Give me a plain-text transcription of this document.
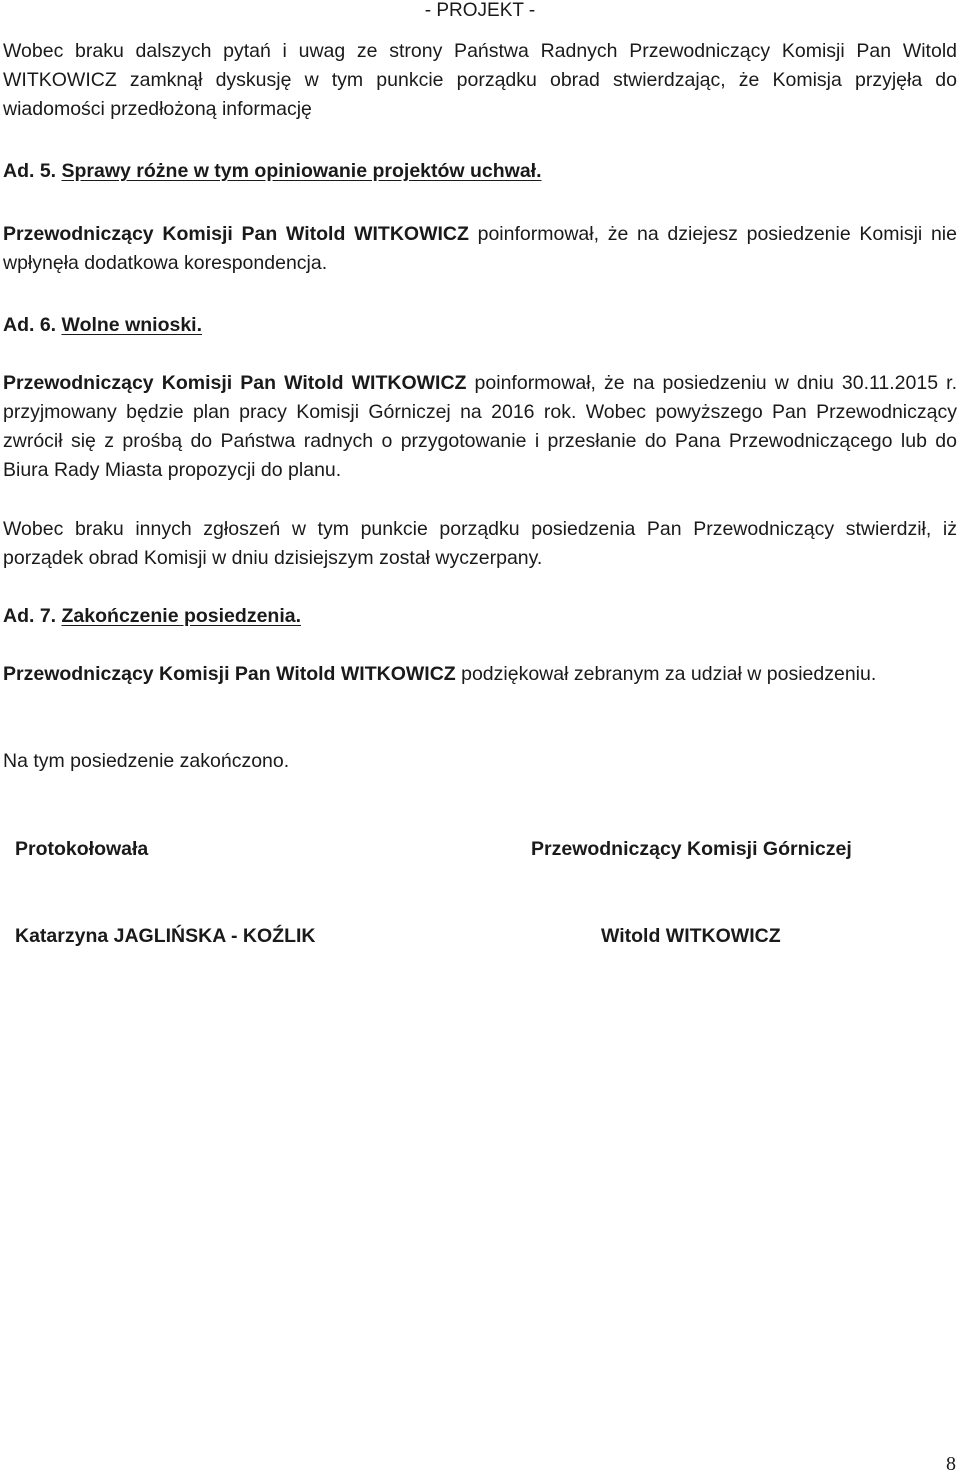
- PROJEKT -
Wobec braku dalszych pytań i uwag ze strony Państwa Radnych Przewodniczący Komisji Pan Witold WITKOWICZ zamknął dyskusję w tym punkcie porządku obrad stwierdzając, że Komisja przyjęła do wiadomości przedłożoną informację
Ad. 5. Sprawy różne w tym opiniowanie projektów uchwał.
Przewodniczący Komisji Pan Witold WITKOWICZ poinformował, że na dziejesz posiedzenie Komisji nie wpłynęła dodatkowa korespondencja.
Ad. 6. Wolne wnioski.
Przewodniczący Komisji Pan Witold WITKOWICZ poinformował, że na posiedzeniu w dniu 30.11.2015 r. przyjmowany będzie plan pracy Komisji Górniczej na 2016 rok. Wobec powyższego Pan Przewodniczący zwrócił się z prośbą do Państwa radnych o przygotowanie i przesłanie do Pana Przewodniczącego lub do Biura Rady Miasta propozycji do planu.
Wobec braku innych zgłoszeń w tym punkcie porządku posiedzenia Pan Przewodniczący stwierdził, iż porządek obrad Komisji w dniu dzisiejszym został wyczerpany.
Ad. 7. Zakończenie posiedzenia.
Przewodniczący Komisji Pan Witold WITKOWICZ podziękował zebranym za udział w posiedzeniu.
Na tym posiedzenie zakończono.
Protokołowała	Przewodniczący Komisji Górniczej
Katarzyna JAGLIŃSKA - KOŹLIK	Witold WITKOWICZ
8
